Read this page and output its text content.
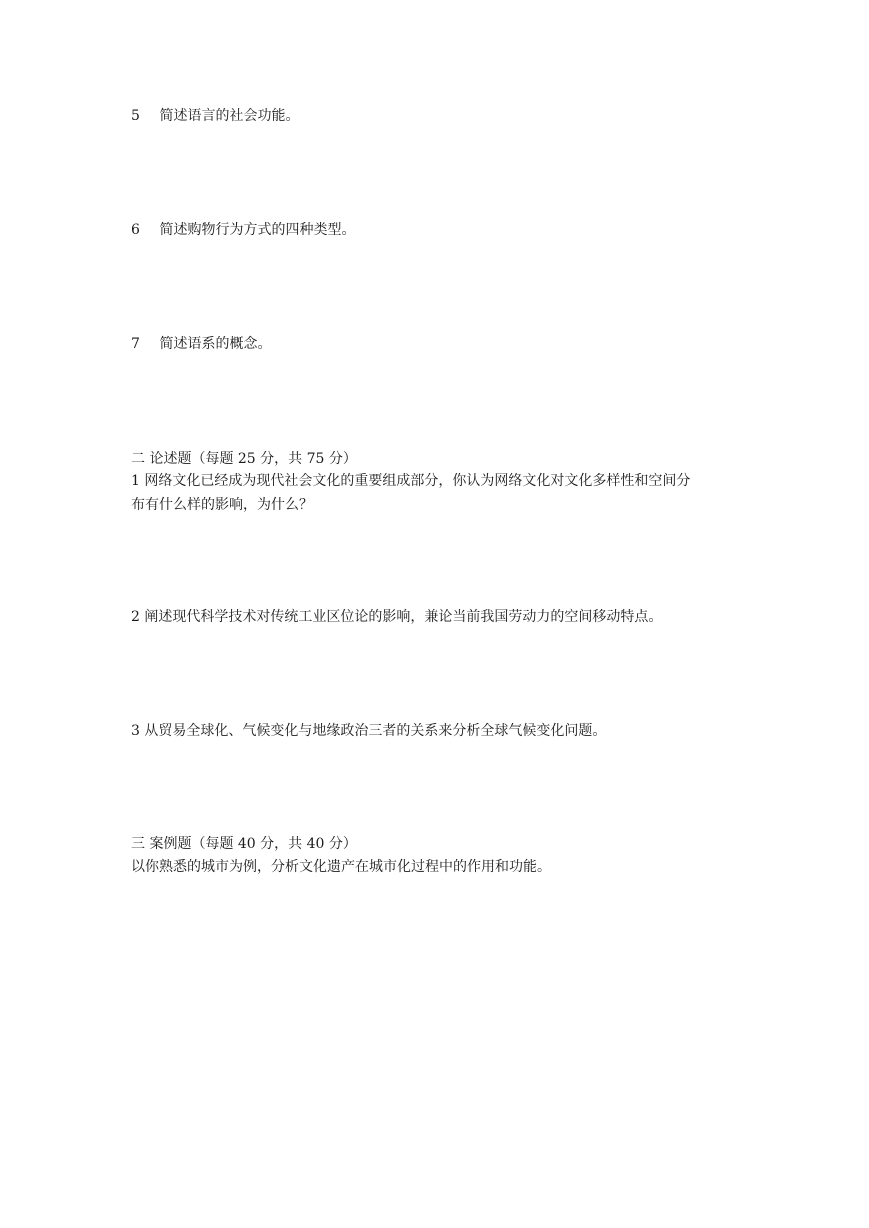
5 简述语言的社会功能。
6 简述购物行为方式的四种类型。
7 简述语系的概念。
二 论述题（每题 25 分，共 75 分）
1 网络文化已经成为现代社会文化的重要组成部分，你认为网络文化对文化多样性和空间分
布有什么样的影响，为什么？
2 阐述现代科学技术对传统工业区位论的影响，兼论当前我国劳动力的空间移动特点。
3 从贸易全球化、气候变化与地缘政治三者的关系来分析全球气候变化问题。
三 案例题（每题 40 分，共 40 分）
以你熟悉的城市为例，分析文化遗产在城市化过程中的作用和功能。
